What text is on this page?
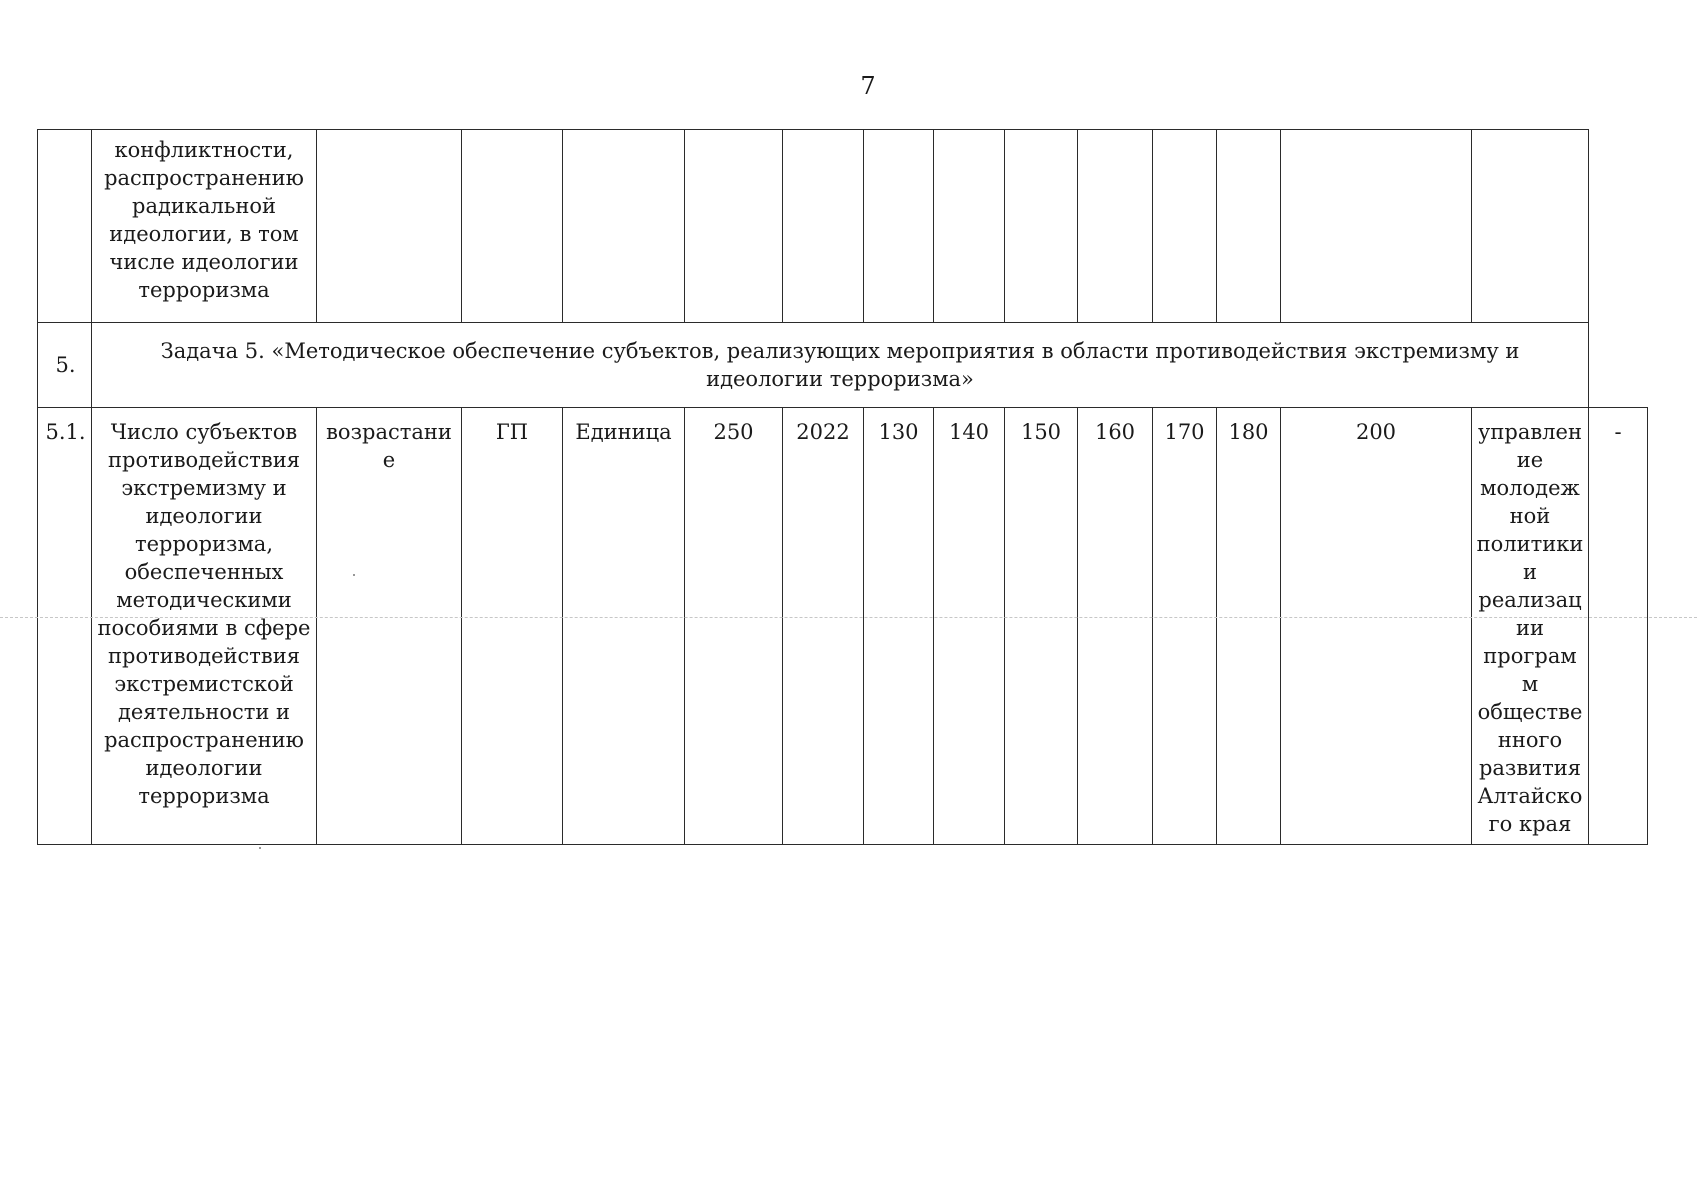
7
	конфликтности, распространению радикальной идеологии, в том числе идеологии терроризма														
5.	Задача 5. «Методическое обеспечение субъектов, реализующих мероприятия в области противодействия экстремизму и идеологии терроризма»														
5.1.	Число субъектов противодействия экстремизму и идеологии терроризма, обеспеченных методическими пособиями в сфере противодействия экстремистской деятельности и распространению идеологии терроризма	возрастание	ГП	Единица	250	2022	130	140	150	160	170	180	200	управление молодежной политики и реализации программ общественного развития Алтайского края	-
